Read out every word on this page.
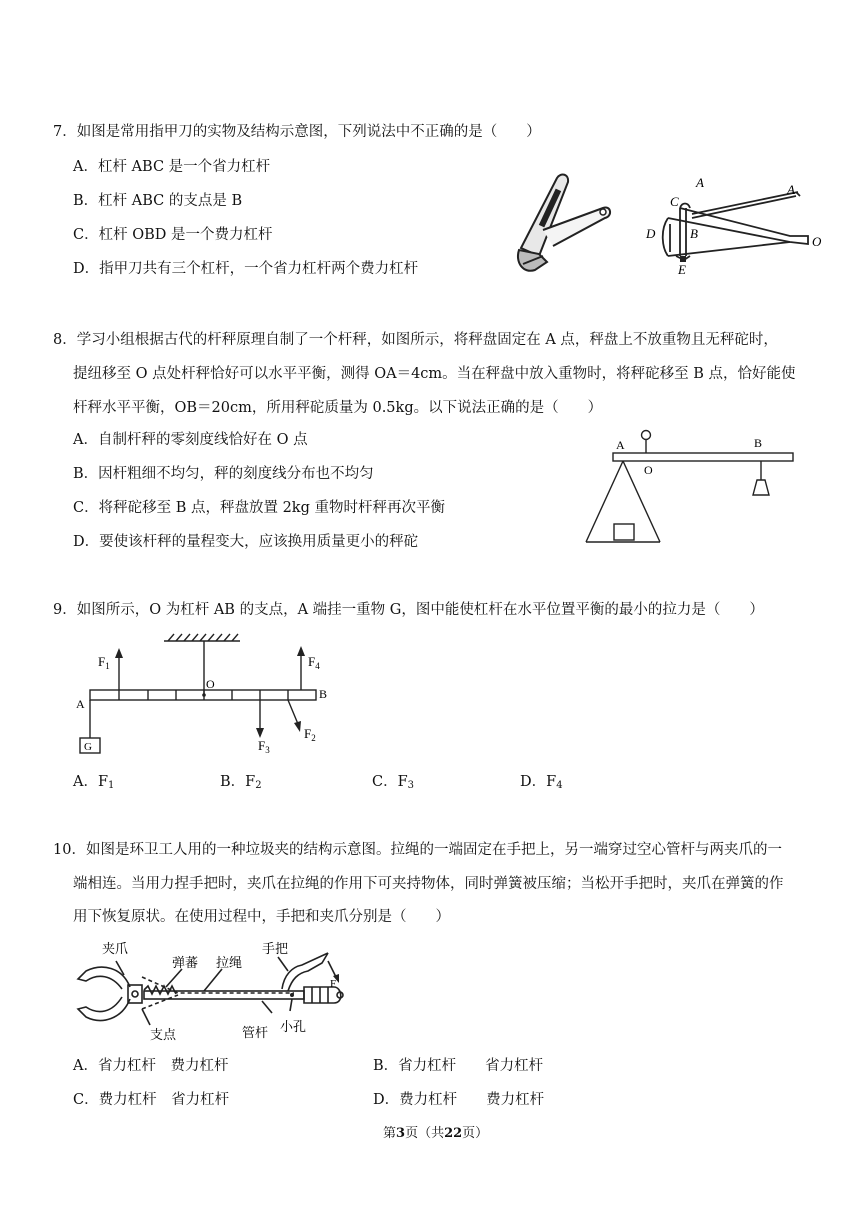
7．如图是常用指甲刀的实物及结构示意图，下列说法中不正确的是（　　）
A．杠杆 ABC 是一个省力杠杆
B．杠杆 ABC 的支点是 B
C．杠杆 OBD 是一个费力杠杆
D．指甲刀共有三个杠杆，一个省力杠杆两个费力杠杆
A
C
B
D
E
O
A
8．学习小组根据古代的杆秤原理自制了一个杆秤，如图所示，将秤盘固定在 A 点，秤盘上不放重物且无秤砣时，
提纽移至 O 点处杆秤恰好可以水平平衡，测得 OA＝4cm。当在秤盘中放入重物时，将秤砣移至 B 点，恰好能使
杆秤水平平衡，OB＝20cm，所用秤砣质量为 0.5kg。以下说法正确的是（　　）
A．自制杆秤的零刻度线恰好在 O 点
B．因杆粗细不均匀，秤的刻度线分布也不均匀
C．将秤砣移至 B 点，秤盘放置 2kg 重物时杆秤再次平衡
D．要使该杆秤的量程变大，应该换用质量更小的秤砣
A
O
B
9．如图所示，O 为杠杆 AB 的支点，A 端挂一重物 G，图中能使杠杆在水平位置平衡的最小的拉力是（　　）
$F_1$	$F_4$
$F_3$
$F_2$
O
A
B
G
A．$F_1$	B．$F_2$	C．$F_3$	D．$F_4$
10．如图是环卫工人用的一种垃圾夹的结构示意图。拉绳的一端固定在手把上，另一端穿过空心管杆与两夹爪的一
端相连。当用力捏手把时，夹爪在拉绳的作用下可夹持物体，同时弹簧被压缩；当松开手把时，夹爪在弹簧的作
用下恢复原状。在使用过程中，手把和夹爪分别是（　　）
夹爪
弹蕃 拉绳
手把
F
支点	管杆 小孔
A．省力杠杆　费力杠杆	B．省力杠杆　　省力杠杆
C．费力杠杆　省力杠杆	D．费力杠杆　　费力杠杆
第3页（共22页）
